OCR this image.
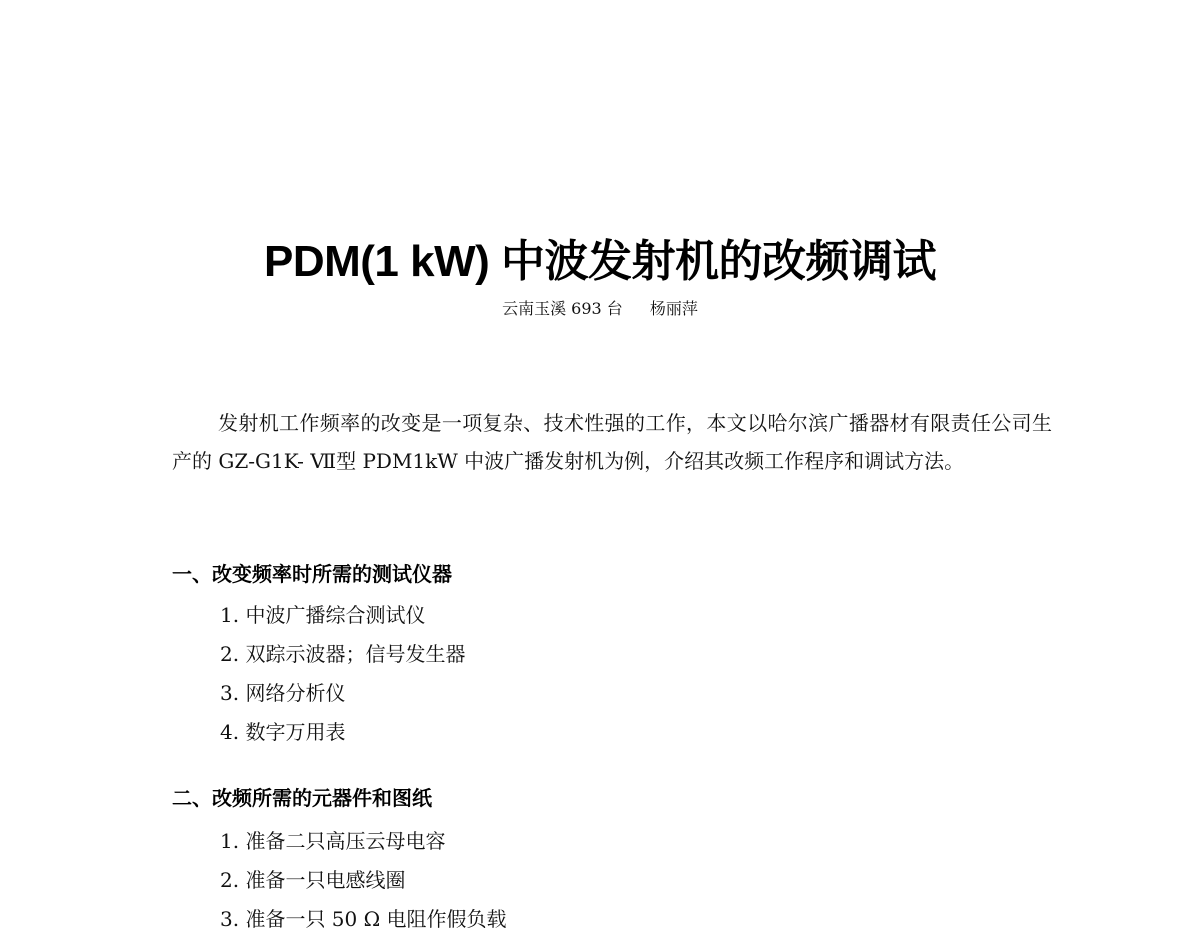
PDM(1 kW) 中波发射机的改频调试
云南玉溪 693 台 杨丽萍

发射机工作频率的改变是一项复杂、技术性强的工作，本文以哈尔滨广播器材有限责任公司生产的 GZ-G1K- Ⅶ型 PDM1kW 中波广播发射机为例，介绍其改频工作程序和调试方法。

一、改变频率时所需的测试仪器
1. 中波广播综合测试仪
2. 双踪示波器；信号发生器
3. 网络分析仪
4. 数字万用表
二、改频所需的元器件和图纸
1. 准备二只高压云母电容
2. 准备一只电感线圈
3. 准备一只 50 Ω 电阻作假负载
